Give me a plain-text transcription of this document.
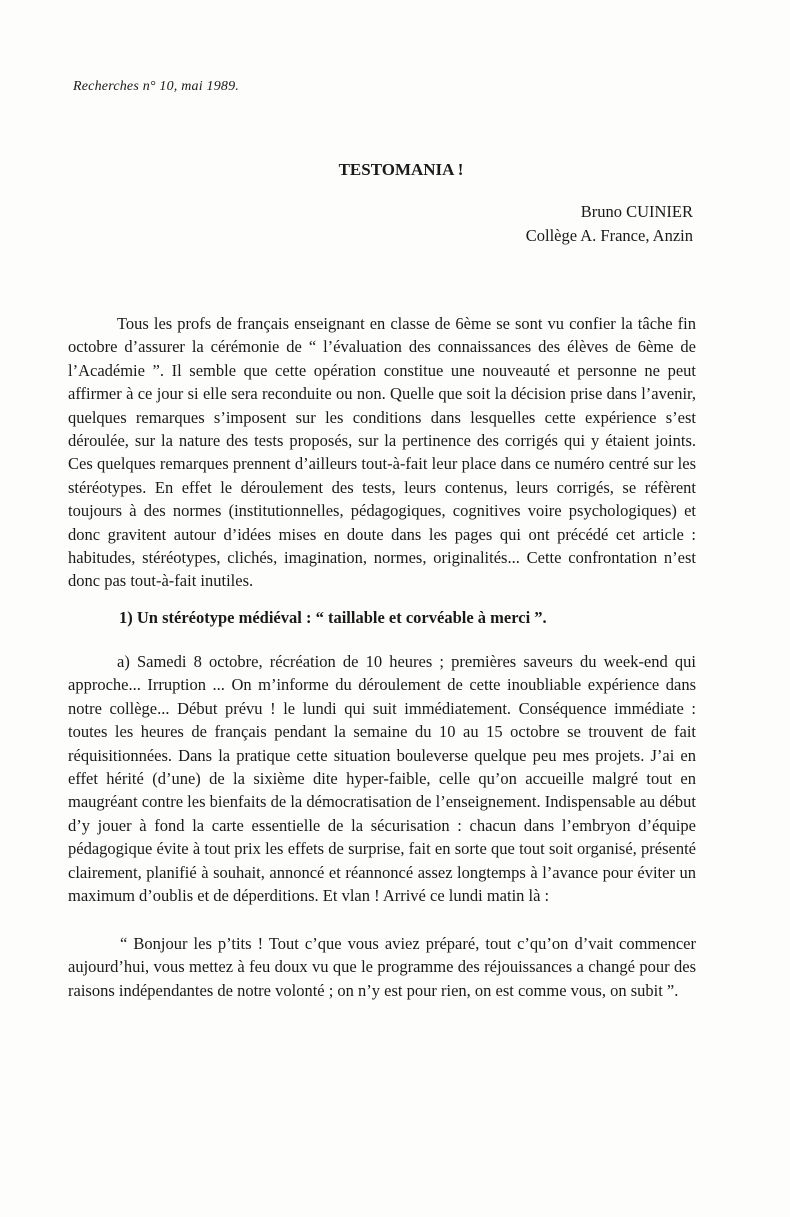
Recherches n° 10, mai 1989.
TESTOMANIA !
Bruno CUINIER
Collège A. France, Anzin

Tous les profs de français enseignant en classe de 6ème se sont vu confier la tâche fin octobre d’assurer la cérémonie de “ l’évaluation des connaissances des élèves de 6ème de l’Académie ”. Il semble que cette opération constitue une nouveauté et personne ne peut affirmer à ce jour si elle sera reconduite ou non. Quelle que soit la décision prise dans l’avenir, quelques remarques s’imposent sur les conditions dans lesquelles cette expérience s’est déroulée, sur la nature des tests proposés, sur la pertinence des corrigés qui y étaient joints. Ces quelques remarques prennent d’ailleurs tout-à-fait leur place dans ce numéro centré sur les stéréotypes. En effet le déroulement des tests, leurs contenus, leurs corrigés, se réfèrent toujours à des normes (institutionnelles, pédagogiques, cognitives voire psychologiques) et donc gravitent autour d’idées mises en doute dans les pages qui ont précédé cet article : habitudes, stéréotypes, clichés, imagination, normes, originalités... Cette confrontation n’est donc pas tout-à-fait inutiles.

1) Un stéréotype médiéval : “ taillable et corvéable à merci ”.

a) Samedi 8 octobre, récréation de 10 heures ; premières saveurs du week-end qui approche... Irruption ... On m’informe du déroulement de cette inoubliable expérience dans notre collège... Début prévu ! le lundi qui suit immédiatement. Conséquence immédiate : toutes les heures de français pendant la semaine du 10 au 15 octobre se trouvent de fait réquisitionnées. Dans la pratique cette situation bouleverse quelque peu mes projets. J’ai en effet hérité (d’une) de la sixième dite hyper-faible, celle qu’on accueille malgré tout en maugréant contre les bienfaits de la démocratisation de l’enseignement. Indispensable au début d’y jouer à fond la carte essentielle de la sécurisation : chacun dans l’embryon d’équipe pédagogique évite à tout prix les effets de surprise, fait en sorte que tout soit organisé, présenté clairement, planifié à souhait, annoncé et réannoncé assez longtemps à l’avance pour éviter un maximum d’oublis et de déperditions. Et vlan ! Arrivé ce lundi matin là :

“ Bonjour les p’tits ! Tout c’que vous aviez préparé, tout c’qu’on d’vait commencer aujourd’hui, vous mettez à feu doux vu que le programme des réjouissances a changé pour des raisons indépendantes de notre volonté ; on n’y est pour rien, on est comme vous, on subit ”.
